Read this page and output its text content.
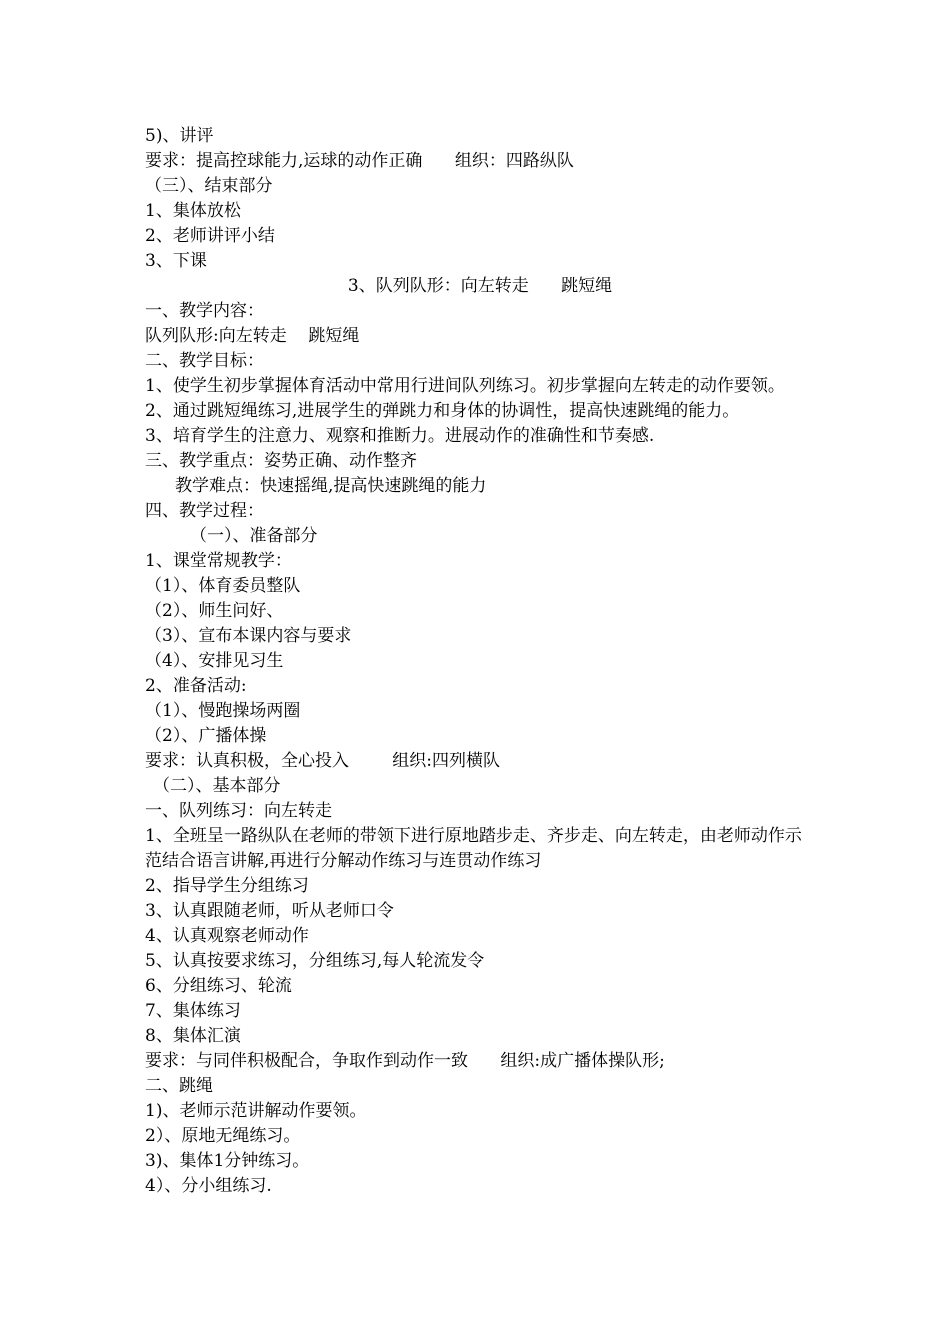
5)、讲评
要求：提高控球能力,运球的动作正确      组织：四路纵队
（三）、结束部分
1、集体放松
2、老师讲评小结
3、下课
3、队列队形：向左转走      跳短绳
一、教学内容：
队列队形:向左转走    跳短绳
二、教学目标：
1、使学生初步掌握体育活动中常用行进间队列练习。初步掌握向左转走的动作要领。
2、通过跳短绳练习,进展学生的弹跳力和身体的协调性，提高快速跳绳的能力。
3、培育学生的注意力、观察和推断力。进展动作的准确性和节奏感.
三、教学重点：姿势正确、动作整齐
教学难点：快速摇绳,提高快速跳绳的能力
四、教学过程：
（一）、准备部分
1、课堂常规教学：
（1）、体育委员整队
（2）、师生问好、
（3）、宣布本课内容与要求
（4）、安排见习生
2、准备活动:
（1）、慢跑操场两圈
（2）、广播体操
要求：认真积极，全心投入        组织:四列横队
（二）、基本部分
一、队列练习：向左转走
1、全班呈一路纵队在老师的带领下进行原地踏步走、齐步走、向左转走，由老师动作示范结合语言讲解,再进行分解动作练习与连贯动作练习
2、指导学生分组练习
3、认真跟随老师，听从老师口令
4、认真观察老师动作
5、认真按要求练习，分组练习,每人轮流发令
6、分组练习、轮流
7、集体练习
8、集体汇演
要求：与同伴积极配合，争取作到动作一致      组织:成广播体操队形;
二、跳绳
1)、老师示范讲解动作要领。
2）、原地无绳练习。
3)、集体1分钟练习。
4）、分小组练习.
